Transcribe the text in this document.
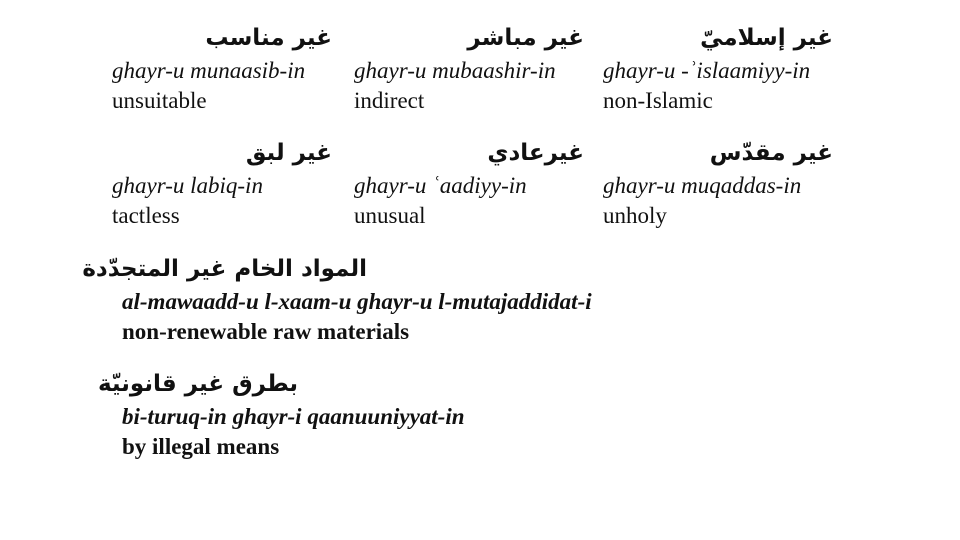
غير مناسب
ghayr-u munaasib-in
unsuitable
غير مباشر
ghayr-u mubaashir-in
indirect
غير إسلاميّ
ghayr-u -ʾislaamiyy-in
non-Islamic
غير لبق
ghayr-u labiq-in
tactless
غيرعادي
ghayr-u ʿaadiyy-in
unusual
غير مقدّس
ghayr-u muqaddas-in
unholy
المواد الخام غير المتجدّدة
al-mawaadd-u l-xaam-u ghayr-u l-mutajaddidat-i
non-renewable raw materials
بطرق غير قانونيّة
bi-turuq-in ghayr-i qaanuuniyyat-in
by illegal means
